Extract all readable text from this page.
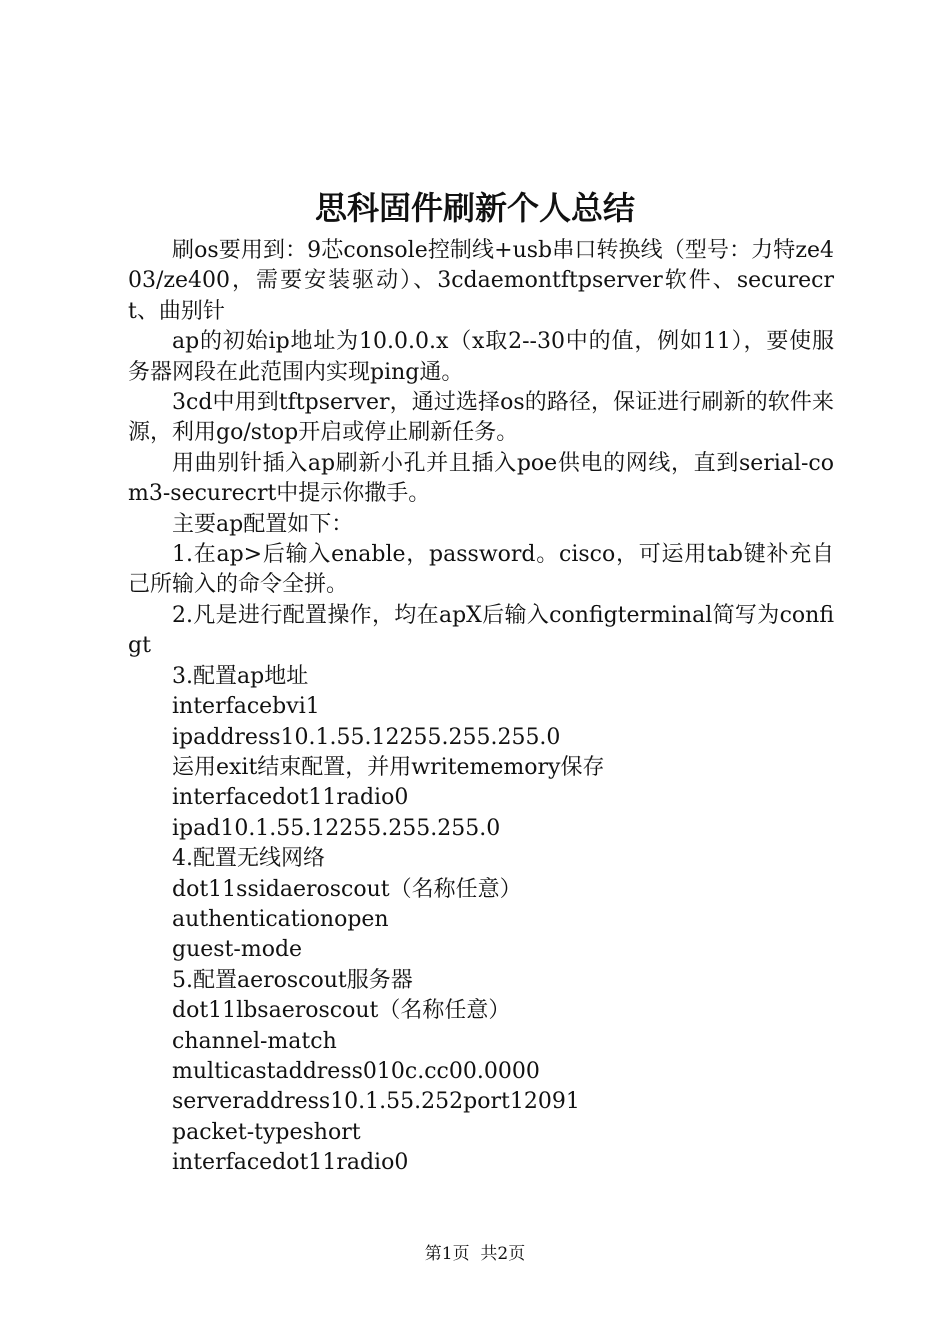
思科固件刷新个人总结

刷os要用到：9芯console控制线+usb串口转换线（型号：力特ze403/ze400，需要安装驱动）、3cdaemontftpserver软件、securecrt、曲别针

ap的初始ip地址为10.0.0.x（x取2--30中的值，例如11），要使服务器网段在此范围内实现ping通。

3cd中用到tftpserver，通过选择os的路径，保证进行刷新的软件来源，利用go/stop开启或停止刷新任务。

用曲别针插入ap刷新小孔并且插入poe供电的网线，直到serial-com3-securecrt中提示你撒手。

主要ap配置如下：

1.在ap>后输入enable，password。cisco，可运用tab键补充自己所输入的命令全拼。

2.凡是进行配置操作，均在apX后输入configterminal简写为configt

3.配置ap地址

interfacebvi1

ipaddress10.1.55.12255.255.255.0

运用exit结束配置，并用writememory保存

interfacedot11radio0

ipad10.1.55.12255.255.255.0

4.配置无线网络

dot11ssidaeroscout（名称任意）

authenticationopen

guest-mode

5.配置aeroscout服务器

dot11lbsaeroscout（名称任意）

channel-match

multicastaddress010c.cc00.0000

serveraddress10.1.55.252port12091

packet-typeshort

interfacedot11radio0

第1页  共2页
